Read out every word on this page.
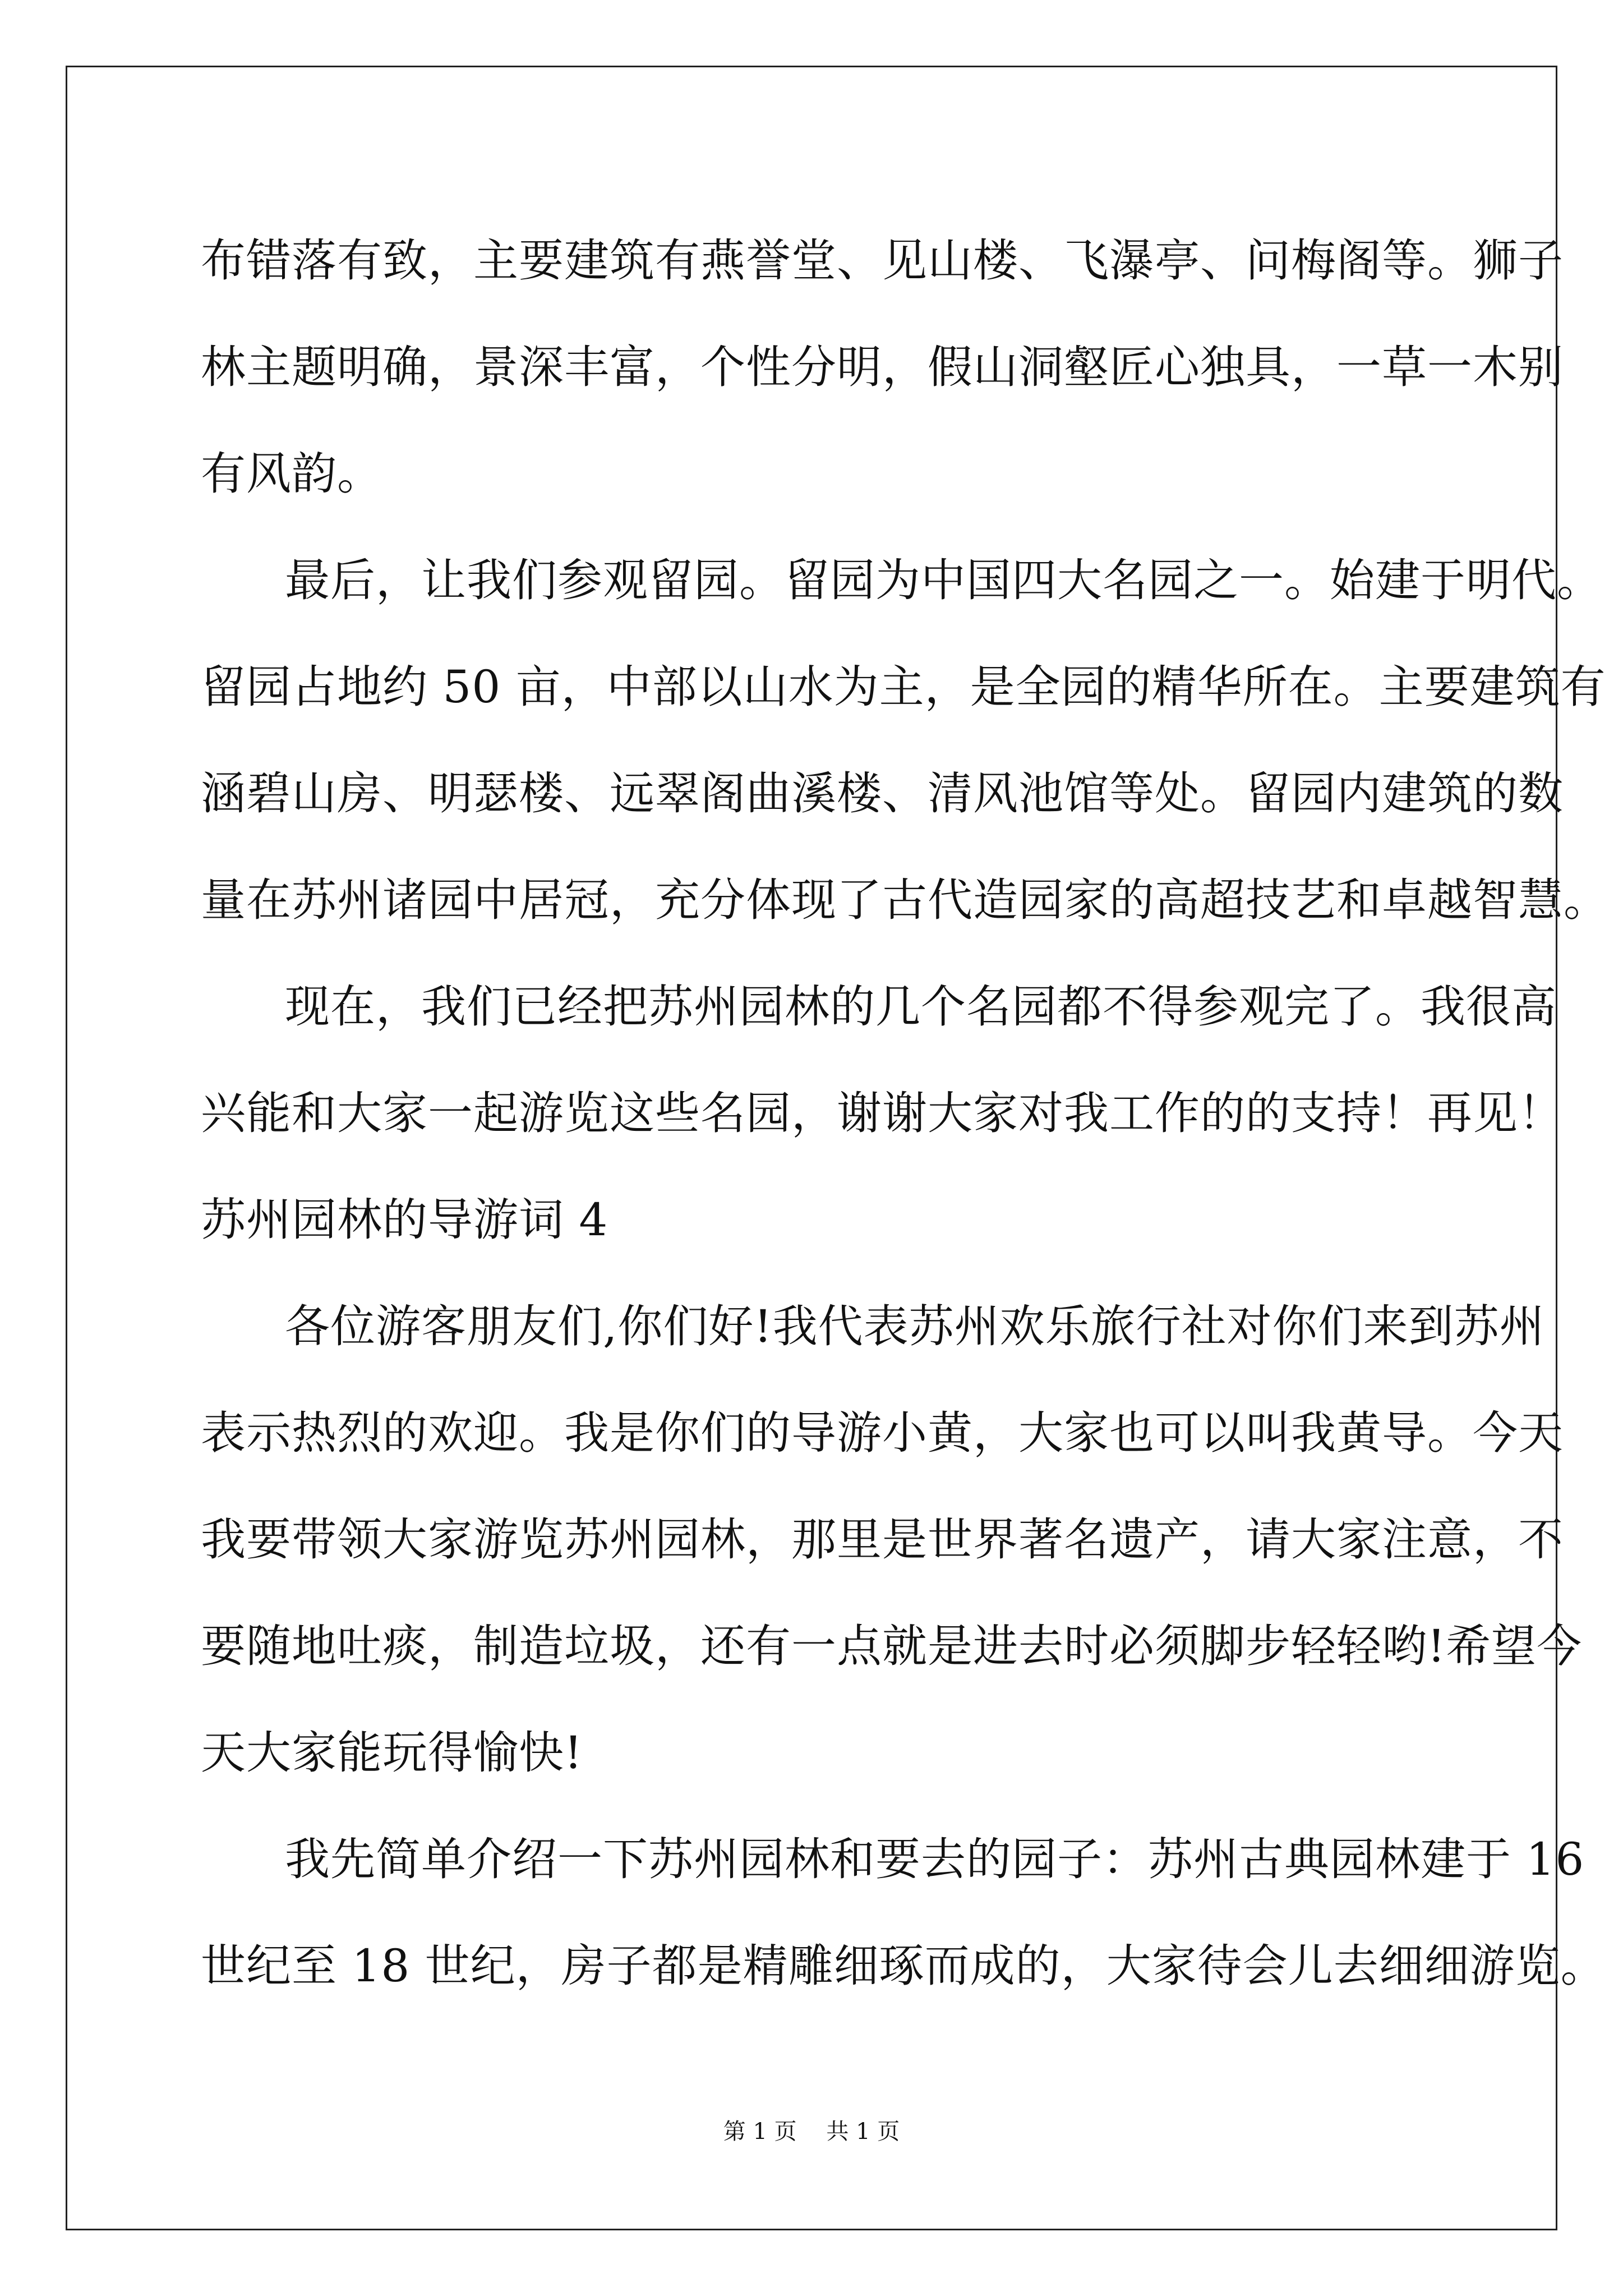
布错落有致，主要建筑有燕誉堂、见山楼、飞瀑亭、问梅阁等。狮子
林主题明确，景深丰富，个性分明，假山洞壑匠心独具，一草一木别
有风韵。
最后，让我们参观留园。留园为中国四大名园之一。始建于明代。
留园占地约 50 亩，中部以山水为主，是全园的精华所在。主要建筑有
涵碧山房、明瑟楼、远翠阁曲溪楼、清风池馆等处。留园内建筑的数
量在苏州诸园中居冠，充分体现了古代造园家的高超技艺和卓越智慧。
现在，我们已经把苏州园林的几个名园都不得参观完了。我很高
兴能和大家一起游览这些名园，谢谢大家对我工作的的支持！再见！
苏州园林的导游词 4
各位游客朋友们,你们好!我代表苏州欢乐旅行社对你们来到苏州
表示热烈的欢迎。我是你们的导游小黄，大家也可以叫我黄导。今天
我要带领大家游览苏州园林，那里是世界著名遗产，请大家注意，不
要随地吐痰，制造垃圾，还有一点就是进去时必须脚步轻轻哟!希望今
天大家能玩得愉快!
我先简单介绍一下苏州园林和要去的园子：苏州古典园林建于 16
世纪至 18 世纪，房子都是精雕细琢而成的，大家待会儿去细细游览。
第 1 页 共 1 页
